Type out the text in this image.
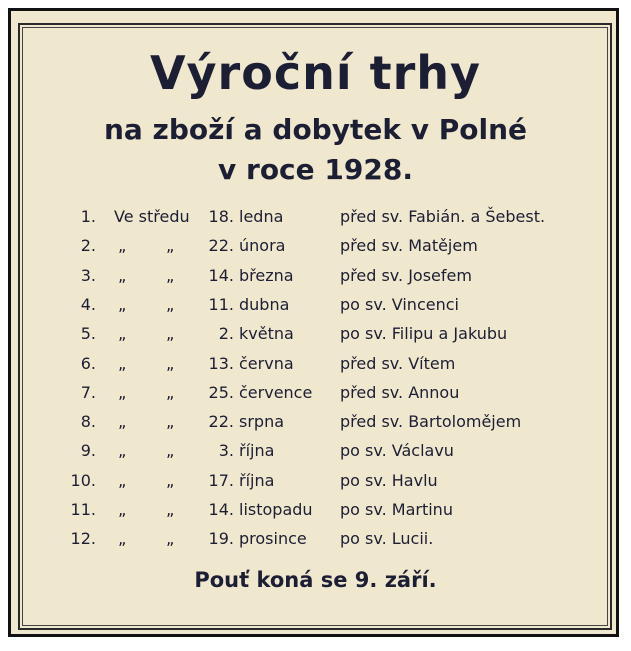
Výroční trhy
na zboží a dobytek v Polné
v roce 1928.
1. Ve středu	18. ledna	před sv. Fabián. a Šebest.
2. „ „	22. února	před sv. Matějem
3. „ „	14. března	před sv. Josefem
4. „ „	11. dubna	po sv. Vincenci
5. „ „	2. května	po sv. Filipu a Jakubu
6. „ „	13. června	před sv. Vítem
7. „ „	25. července před sv. Annou
8. „ „	22. srpna	před sv. Bartolomějem
9. „ „	3. října	po sv. Václavu
10. „ „	17. října	po sv. Havlu
11. „ „	14. listopadu po sv. Martinu
12. „ „	19. prosince po sv. Lucii.
Pouť koná se 9. září.
